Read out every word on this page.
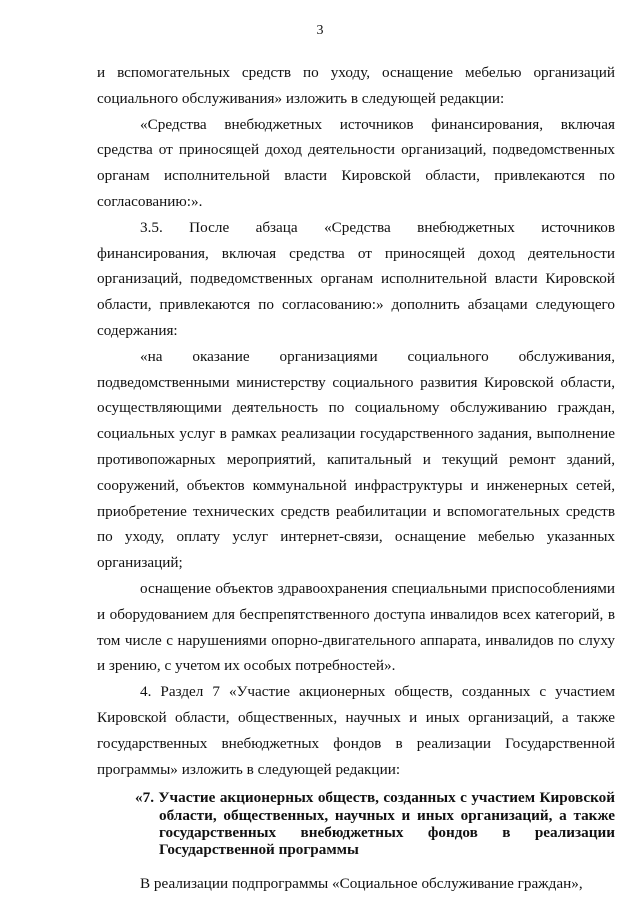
3

и вспомогательных средств по уходу, оснащение мебелью организаций социального обслуживания» изложить в следующей редакции:

«Средства внебюджетных источников финансирования, включая средства от приносящей доход деятельности организаций, подведомственных органам исполнительной власти Кировской области, привлекаются по согласованию:».

3.5. После абзаца «Средства внебюджетных источников финансирования, включая средства от приносящей доход деятельности организаций, подведомственных органам исполнительной власти Кировской области, привлекаются по согласованию:» дополнить абзацами следующего содержания:

«на оказание организациями социального обслуживания, подведомственными министерству социального развития Кировской области, осуществляющими деятельность по социальному обслуживанию граждан, социальных услуг в рамках реализации государственного задания, выполнение противопожарных мероприятий, капитальный и текущий ремонт зданий, сооружений, объектов коммунальной инфраструктуры и инженерных сетей, приобретение технических средств реабилитации и вспомогательных средств по уходу, оплату услуг интернет-связи, оснащение мебелью указанных организаций;

оснащение объектов здравоохранения специальными приспособлениями и оборудованием для беспрепятственного доступа инвалидов всех категорий, в том числе с нарушениями опорно-двигательного аппарата, инвалидов по слуху и зрению, с учетом их особых потребностей».

4. Раздел 7 «Участие акционерных обществ, созданных с участием Кировской области, общественных, научных и иных организаций, а также государственных внебюджетных фондов в реализации Государственной программы» изложить в следующей редакции:

«7. Участие акционерных обществ, созданных с участием Кировской области, общественных, научных и иных организаций, а также государственных внебюджетных фондов в реализации Государственной программы

В реализации подпрограммы «Социальное обслуживание граждан»,
